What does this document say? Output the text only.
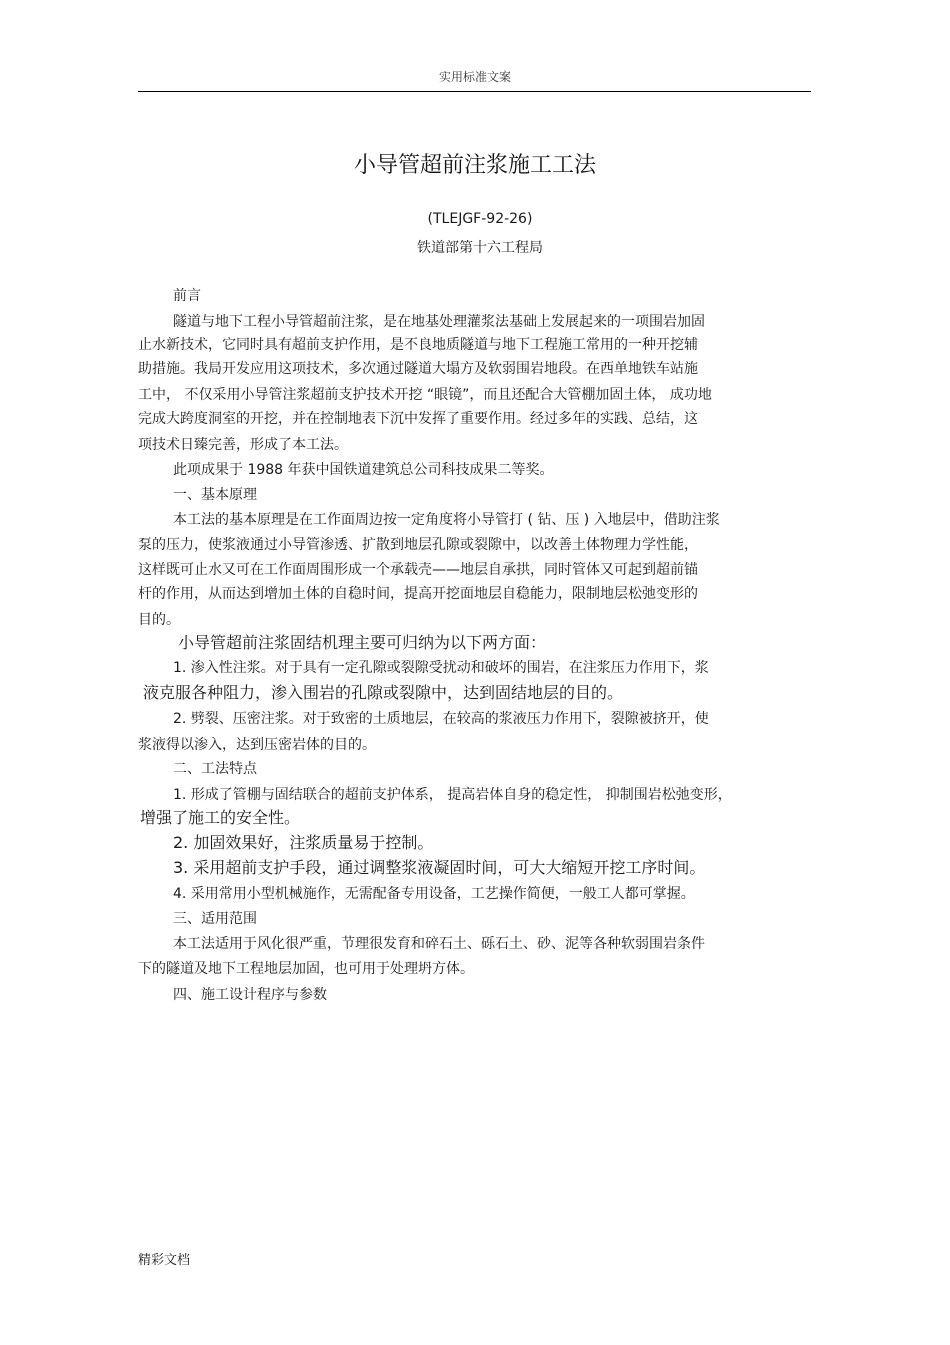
实用标准文案
小导管超前注浆施工工法
(TLEJGF-92-26)
铁道部第十六工程局
前言
隧道与地下工程小导管超前注浆，是在地基处理灌浆法基础上发展起来的一项围岩加固
止水新技术，它同时具有超前支护作用，是不良地质隧道与地下工程施工常用的一种开挖辅
助措施。我局开发应用这项技术，多次通过隧道大塌方及软弱围岩地段。在西单地铁车站施
工中， 不仅采用小导管注浆超前支护技术开挖 “眼镜”，而且还配合大管棚加固土体， 成功地
完成大跨度洞室的开挖，并在控制地表下沉中发挥了重要作用。经过多年的实践、总结，这
项技术日臻完善，形成了本工法。
此项成果于 1988 年获中国铁道建筑总公司科技成果二等奖。
一、基本原理
本工法的基本原理是在工作面周边按一定角度将小导管打 ( 钻、压 ) 入地层中，借助注浆
泵的压力，使浆液通过小导管渗透、扩散到地层孔隙或裂隙中，以改善土体物理力学性能，
这样既可止水又可在工作面周围形成一个承载壳——地层自承拱，同时管体又可起到超前锚
杆的作用，从而达到增加土体的自稳时间，提高开挖面地层自稳能力，限制地层松弛变形的
目的。
小导管超前注浆固结机理主要可归纳为以下两方面：
1. 渗入性注浆。对于具有一定孔隙或裂隙受扰动和破坏的围岩，在注浆压力作用下，浆
液克服各种阻力，渗入围岩的孔隙或裂隙中，达到固结地层的目的。
2. 劈裂、压密注浆。对于致密的土质地层，在较高的浆液压力作用下，裂隙被挤开，使
浆液得以渗入，达到压密岩体的目的。
二、工法特点
1. 形成了管棚与固结联合的超前支护体系， 提高岩体自身的稳定性， 抑制围岩松弛变形，
增强了施工的安全性。
2. 加固效果好，注浆质量易于控制。
3. 采用超前支护手段，通过调整浆液凝固时间，可大大缩短开挖工序时间。
4. 采用常用小型机械施作，无需配备专用设备，工艺操作简便，一般工人都可掌握。
三、适用范围
本工法适用于风化很严重，节理很发育和碎石土、砾石土、砂、泥等各种软弱围岩条件
下的隧道及地下工程地层加固，也可用于处理坍方体。
四、施工设计程序与参数
精彩文档
